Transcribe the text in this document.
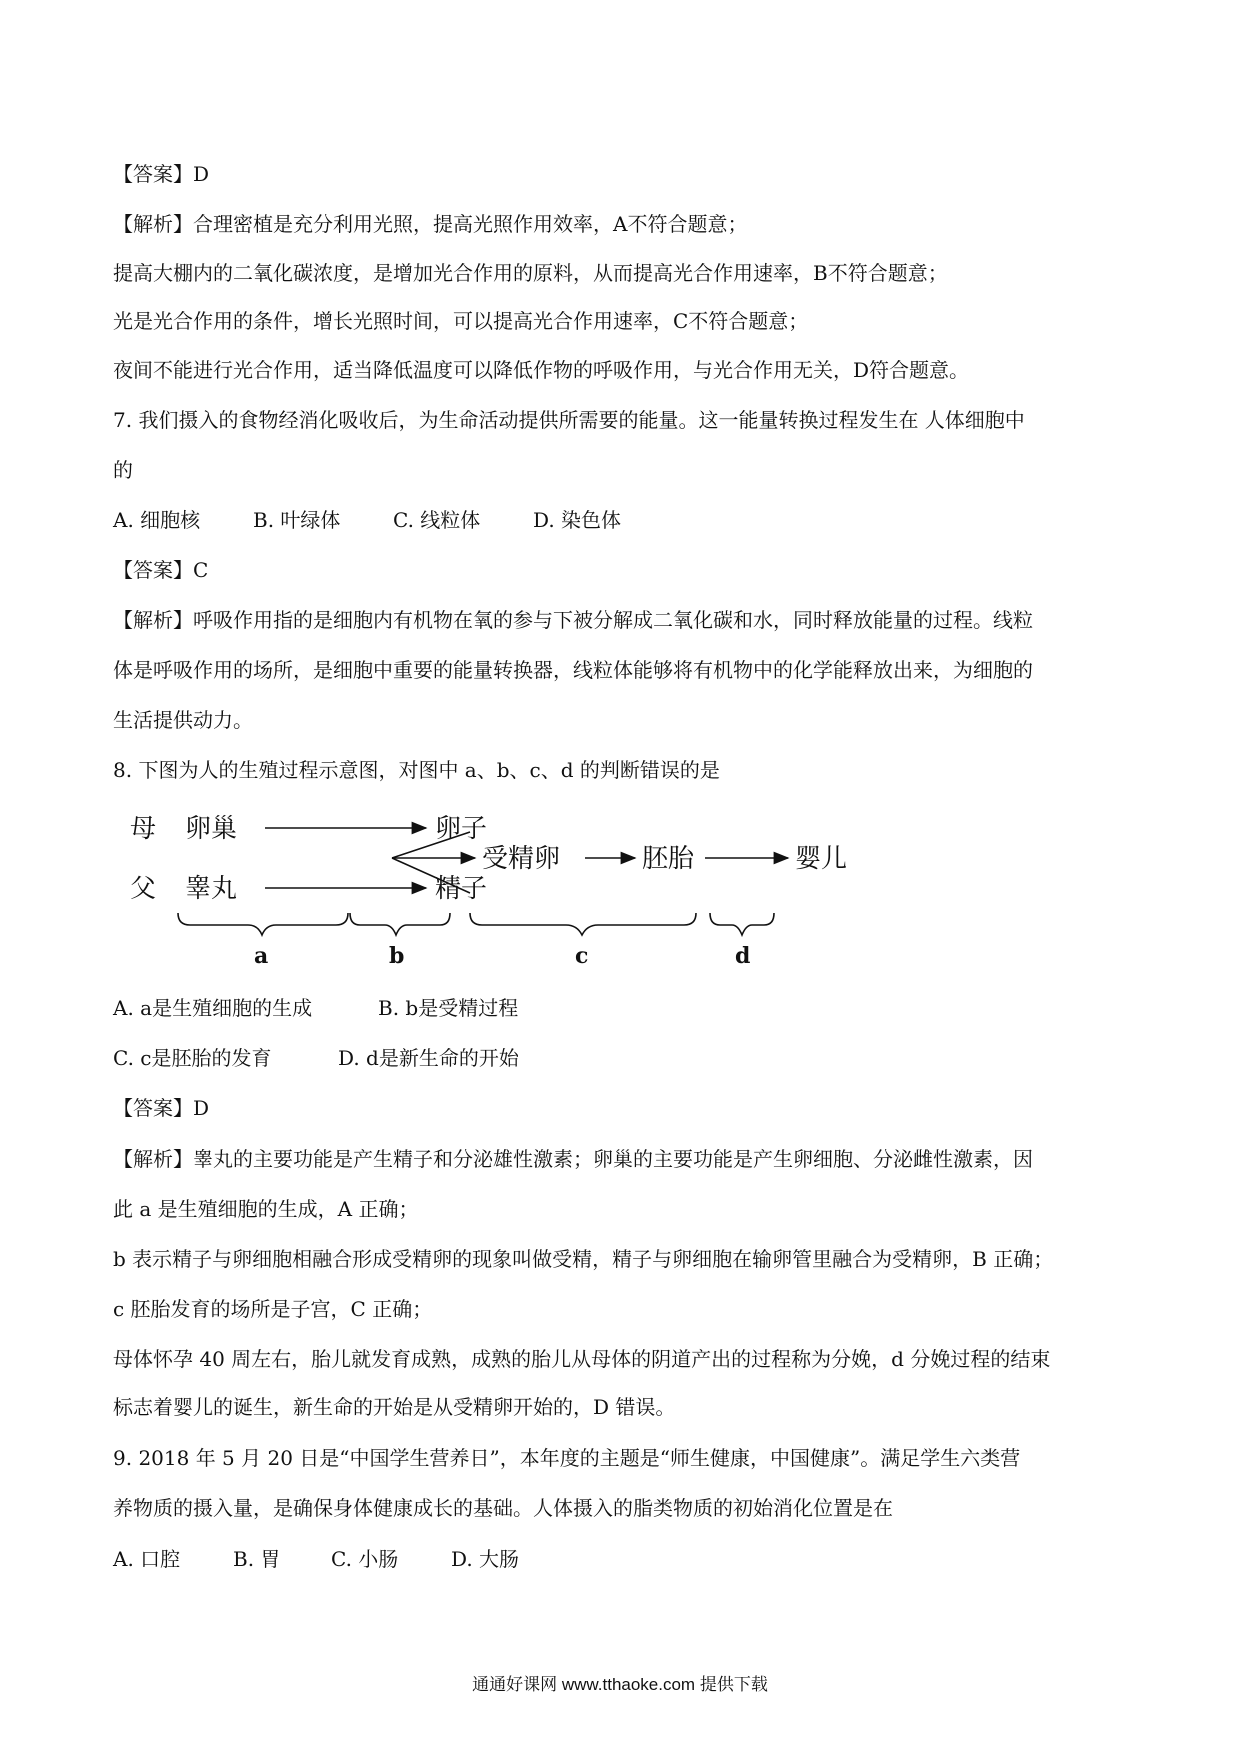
【答案】D
【解析】合理密植是充分利用光照，提高光照作用效率，A不符合题意；
提高大棚内的二氧化碳浓度，是增加光合作用的原料，从而提高光合作用速率，B不符合题意；
光是光合作用的条件，增长光照时间，可以提高光合作用速率，C不符合题意；
夜间不能进行光合作用，适当降低温度可以降低作物的呼吸作用，与光合作用无关，D符合题意。
7. 我们摄入的食物经消化吸收后，为生命活动提供所需要的能量。这一能量转换过程发生在 人体细胞中
的
A. 细胞核	B. 叶绿体	C. 线粒体	D. 染色体
【答案】C
【解析】呼吸作用指的是细胞内有机物在氧的参与下被分解成二氧化碳和水，同时释放能量的过程。线粒
体是呼吸作用的场所，是细胞中重要的能量转换器，线粒体能够将有机物中的化学能释放出来，为细胞的
生活提供动力。
8. 下图为人的生殖过程示意图，对图中 a、b、c、d 的判断错误的是
母 卵巢	卵子
父 睾丸	精子
受精卵	胚胎	婴儿
a	b	c	d
A. a是生殖细胞的生成	B. b是受精过程
C. c是胚胎的发育	D. d是新生命的开始
【答案】D
【解析】睾丸的主要功能是产生精子和分泌雄性激素；卵巢的主要功能是产生卵细胞、分泌雌性激素，因
此 a 是生殖细胞的生成，A 正确；
b 表示精子与卵细胞相融合形成受精卵的现象叫做受精，精子与卵细胞在输卵管里融合为受精卵，B 正确；
c 胚胎发育的场所是子宫，C 正确；
母体怀孕 40 周左右，胎儿就发育成熟，成熟的胎儿从母体的阴道产出的过程称为分娩，d 分娩过程的结束
标志着婴儿的诞生，新生命的开始是从受精卵开始的，D 错误。
9. 2018 年 5 月 20 日是“中国学生营养日”，本年度的主题是“师生健康，中国健康”。满足学生六类营
养物质的摄入量，是确保身体健康成长的基础。人体摄入的脂类物质的初始消化位置是在
A. 口腔	B. 胃	C. 小肠	D. 大肠
通通好课网 www.tthaoke.com 提供下载
